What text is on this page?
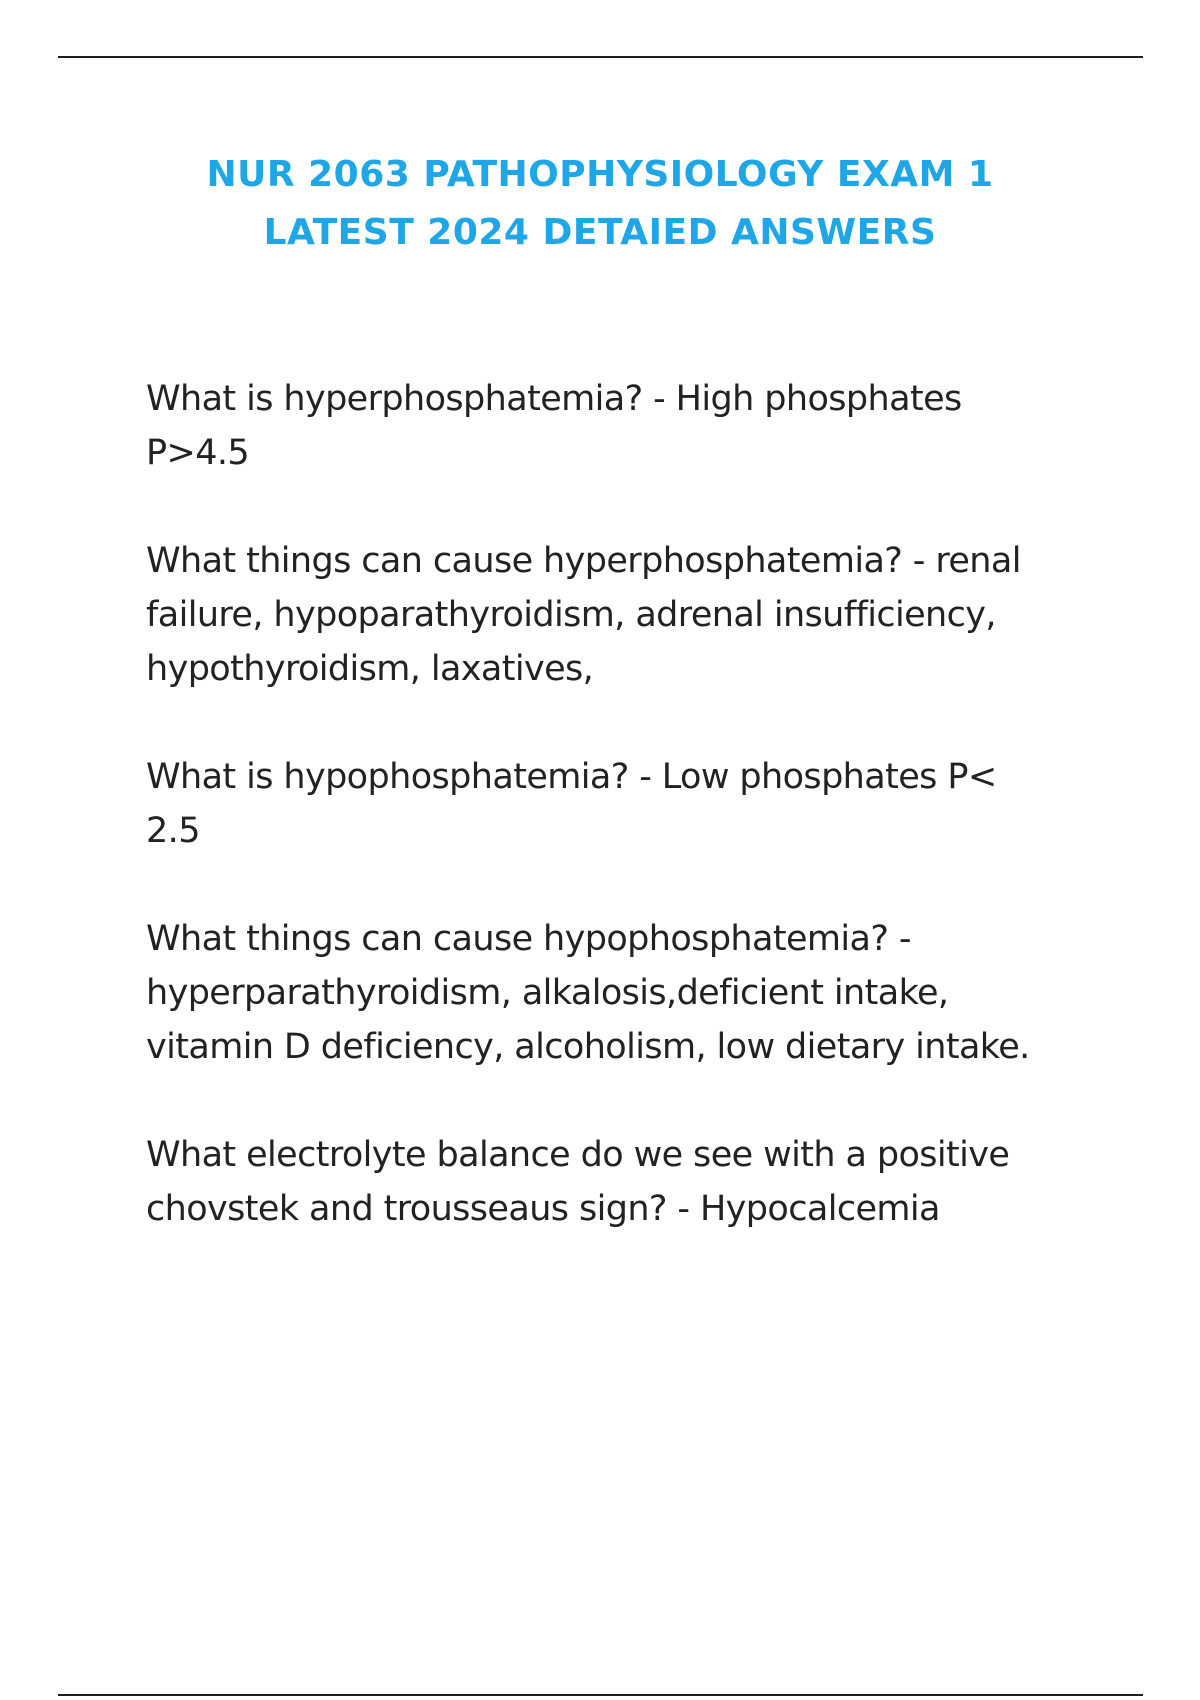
NUR 2063 PATHOPHYSIOLOGY EXAM 1
LATEST 2024 DETAIED ANSWERS

What is hyperphosphatemia? - High phosphates
P>4.5

What things can cause hyperphosphatemia? - renal
failure, hypoparathyroidism, adrenal insufficiency,
hypothyroidism, laxatives,

What is hypophosphatemia? - Low phosphates P<
2.5

What things can cause hypophosphatemia? -
hyperparathyroidism, alkalosis,deficient intake,
vitamin D deficiency, alcoholism, low dietary intake.

What electrolyte balance do we see with a positive
chovstek and trousseaus sign? - Hypocalcemia
